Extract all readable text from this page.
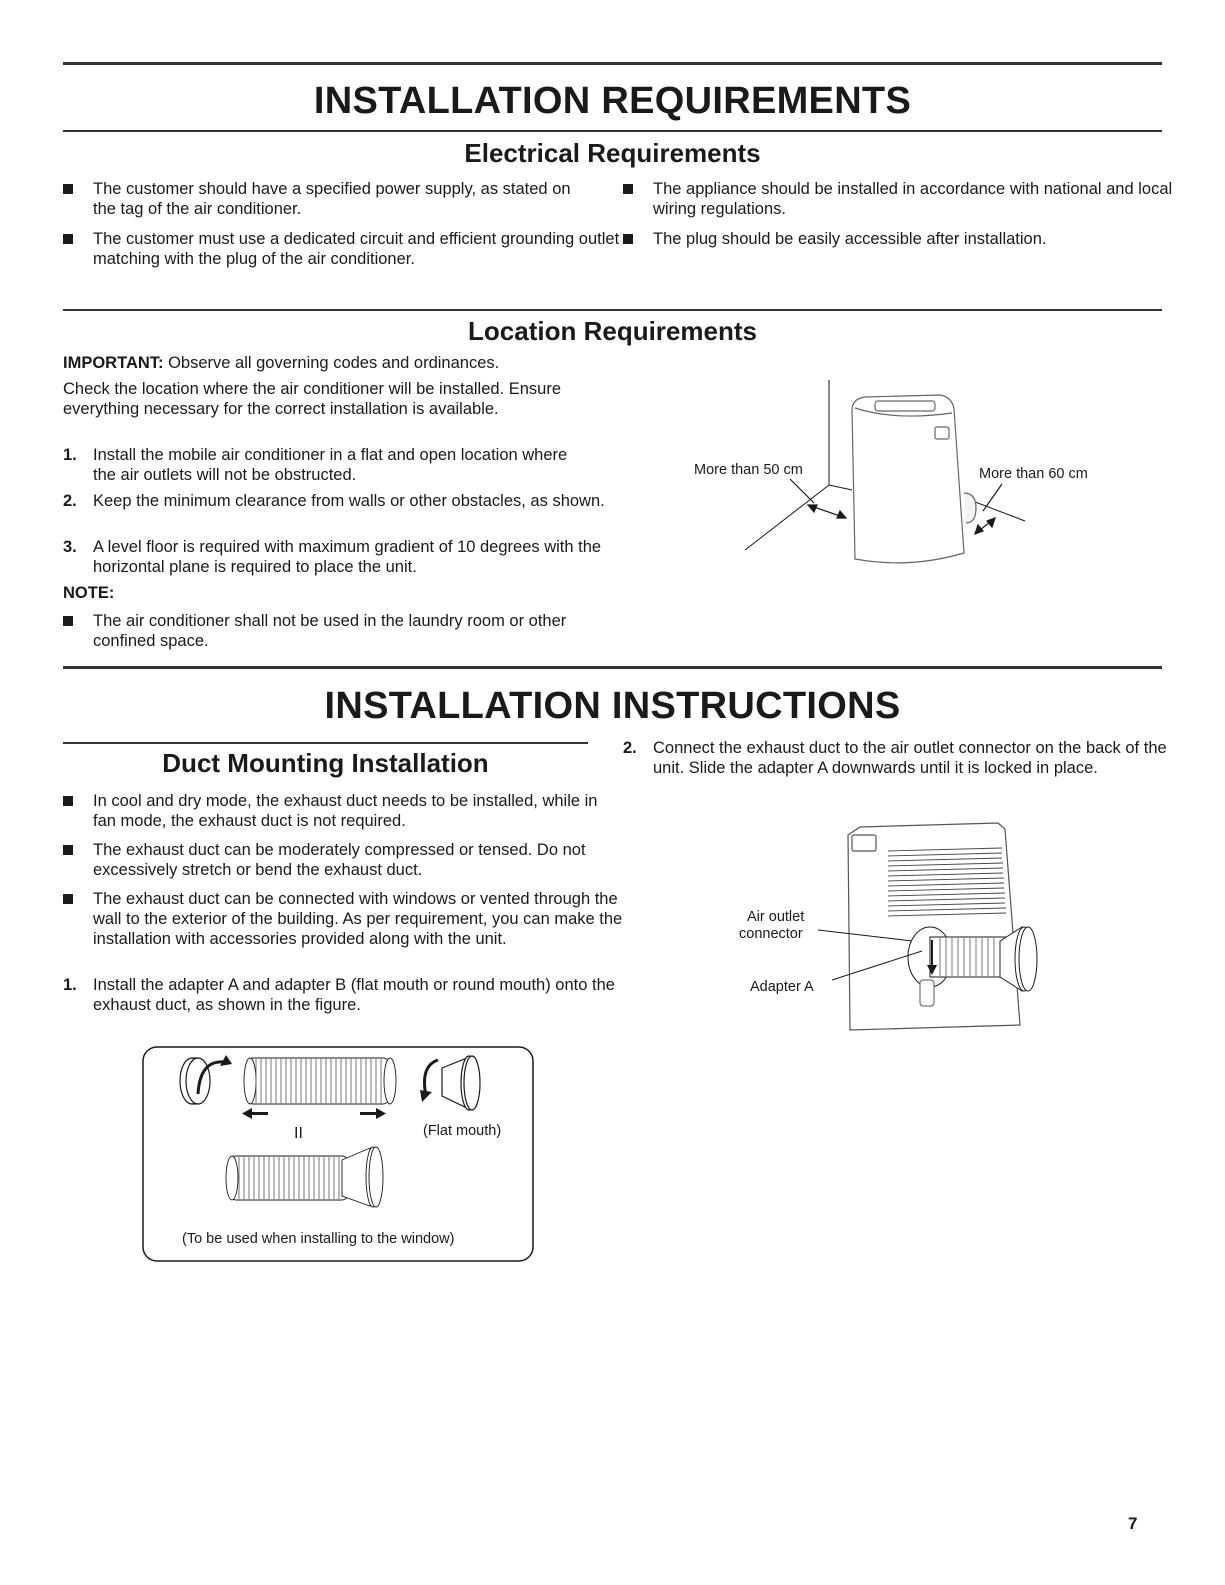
INSTALLATION REQUIREMENTS
Electrical Requirements
The customer should have a specified power supply, as stated on the tag of the air conditioner.
The customer must use a dedicated circuit and efficient grounding outlet matching with the plug of the air conditioner.
The appliance should be installed in accordance with national and local wiring regulations.
The plug should be easily accessible after installation.
Location Requirements
IMPORTANT: Observe all governing codes and ordinances.
Check the location where the air conditioner will be installed. Ensure everything necessary for the correct installation is available.
1. Install the mobile air conditioner in a flat and open location where the air outlets will not be obstructed.
2. Keep the minimum clearance from walls or other obstacles, as shown.
3. A level floor is required with maximum gradient of 10 degrees with the horizontal plane is required to place the unit.
NOTE:
The air conditioner shall not be used in the laundry room or other confined space.
More than 50 cm	More than 60 cm
INSTALLATION INSTRUCTIONS
Duct Mounting Installation
In cool and dry mode, the exhaust duct needs to be installed, while in fan mode, the exhaust duct is not required.
The exhaust duct can be moderately compressed or tensed. Do not excessively stretch or bend the exhaust duct.
The exhaust duct can be connected with windows or vented through the wall to the exterior of the building. As per requirement, you can make the installation with accessories provided along with the unit.
1. Install the adapter A and adapter B (flat mouth or round mouth) onto the exhaust duct, as shown in the figure.
II	(Flat mouth)
(To be used when installing to the window)
2. Connect the exhaust duct to the air outlet connector on the back of the unit. Slide the adapter A downwards until it is locked in place.
Air outlet
connector
Adapter A
7
